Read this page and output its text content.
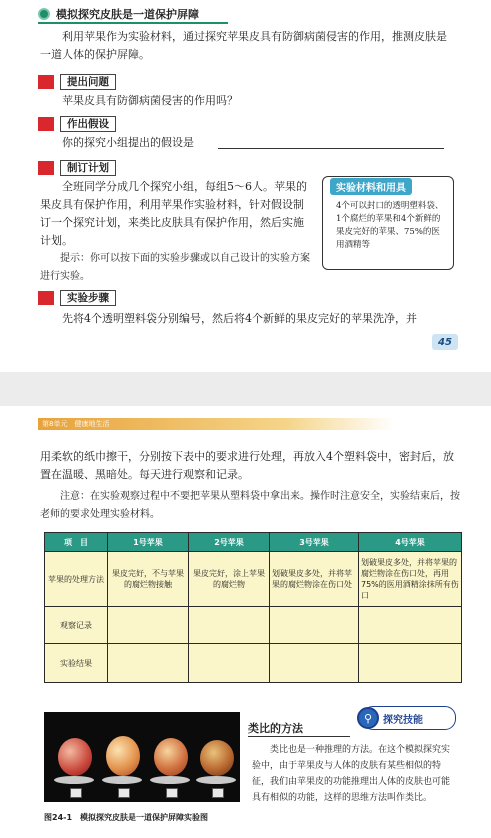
模拟探究皮肤是一道保护屏障
利用苹果作为实验材料，通过探究苹果皮具有防御病菌侵害的作用，推测皮肤是一道人体的保护屏障。
提出问题
苹果皮具有防御病菌侵害的作用吗？
作出假设
你的探究小组提出的假设是
制订计划
全班同学分成几个探究小组，每组5～6人。苹果的果皮具有保护作用，利用苹果作实验材料，针对假设制订一个探究计划，来类比皮肤具有保护作用，然后实施计划。
提示：你可以按下面的实验步骤或以自己设计的实验方案进行实验。
实验材料和用具
4个可以封口的透明塑料袋、1个腐烂的苹果和4个新鲜的果皮完好的苹果、75%的医用酒精等
实验步骤
先将4个透明塑料袋分别编号，然后将4个新鲜的果皮完好的苹果洗净，并
45
第8单元　健康地生活
用柔软的纸巾擦干，分别按下表中的要求进行处理，再放入4个塑料袋中，密封后，放置在温暖、黑暗处。每天进行观察和记录。
注意：在实验观察过程中不要把苹果从塑料袋中拿出来。操作时注意安全，实验结束后，按老师的要求处理实验材料。
项　目	1号苹果	2号苹果	3号苹果	4号苹果
苹果的处理方法	果皮完好，不与苹果的腐烂物接触	果皮完好，涂上苹果的腐烂物	划破果皮多处，并将苹果的腐烂物涂在伤口处	划破果皮多处，并将苹果的腐烂物涂在伤口处，再用75%的医用酒精涂抹所有伤口
观察记录				
实验结果				
图24-1　模拟探究皮肤是一道保护屏障实验图
类比的方法
⚲	探究技能
类比也是一种推理的方法。在这个模拟探究实验中，由于苹果皮与人体的皮肤有某些相似的特征，我们由苹果皮的功能推理出人体的皮肤也可能具有相似的功能，这样的思维方法叫作类比。
